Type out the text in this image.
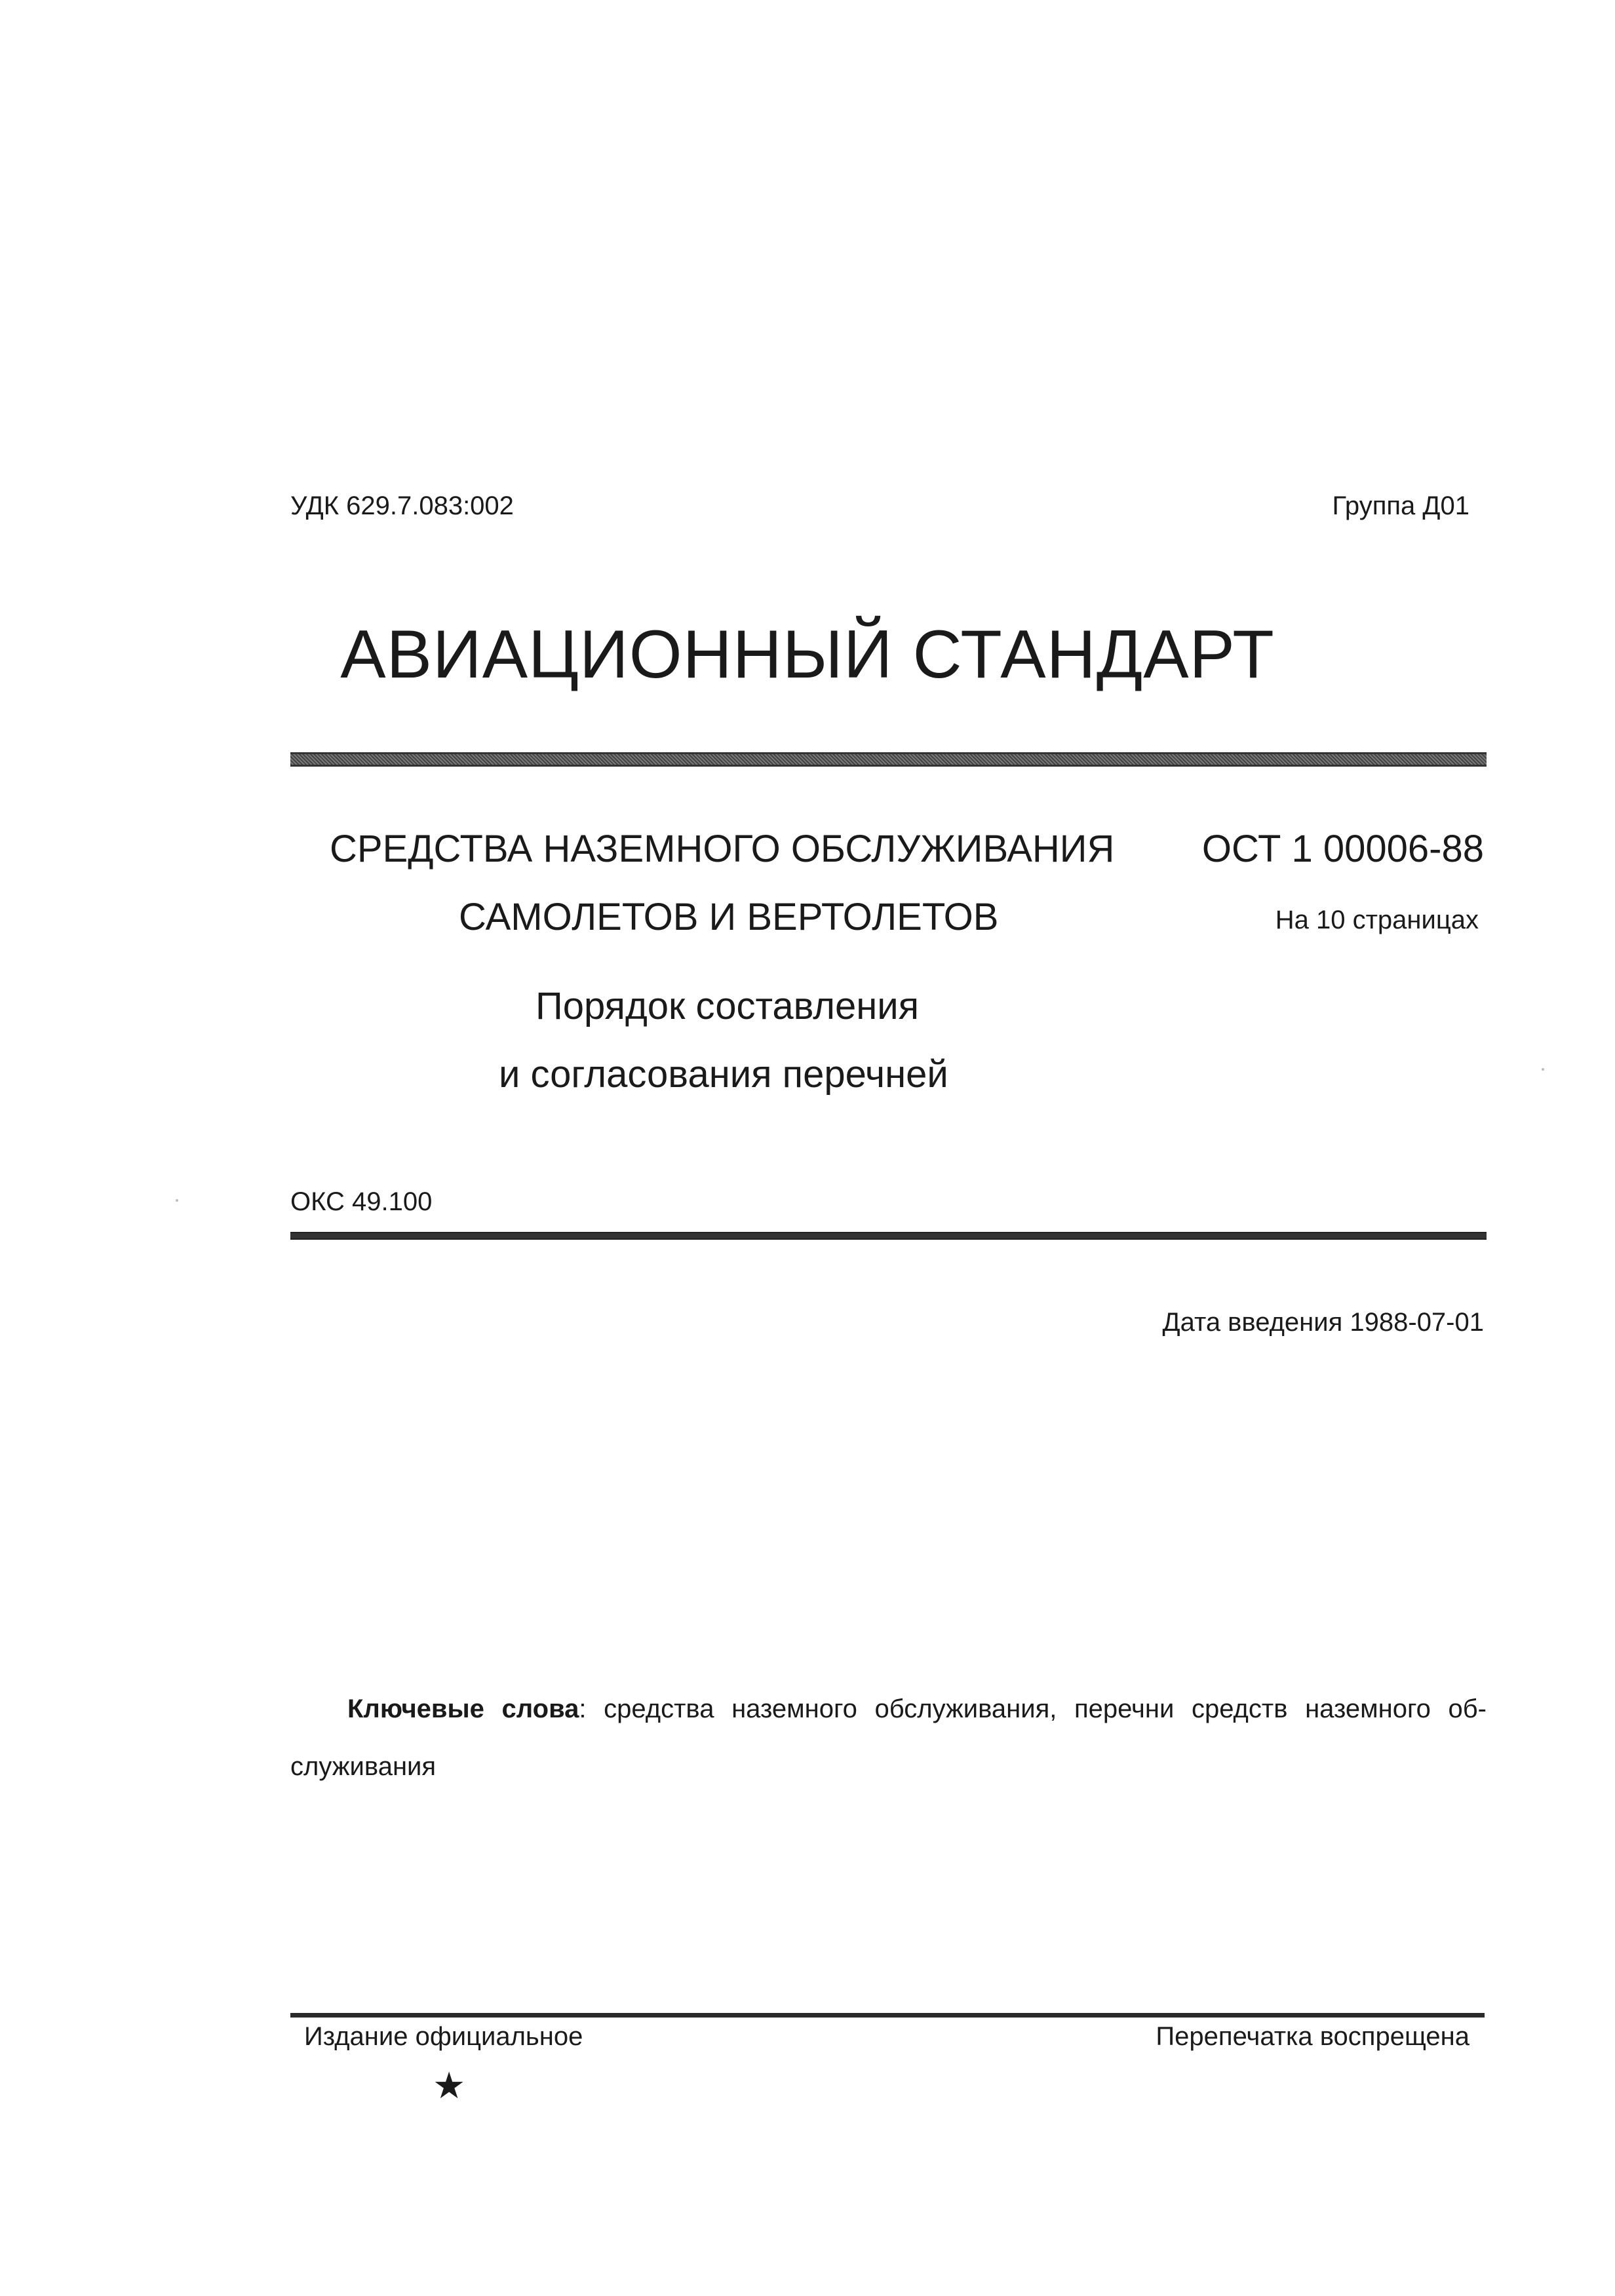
УДК 629.7.083:002	Группа Д01
АВИАЦИОННЫЙ СТАНДАРТ
СРЕДСТВА НАЗЕМНОГО ОБСЛУЖИВАНИЯ
САМОЛЕТОВ И ВЕРТОЛЕТОВ
ОСТ 1 00006-88
На 10 страницах
Порядок составления
и согласования перечней
ОКС 49.100
Дата введения 1988-07-01
Ключевые слова: средства наземного обслуживания, перечни средств наземного об-служивания
Издание официальное	Перепечатка воспрещена
★
